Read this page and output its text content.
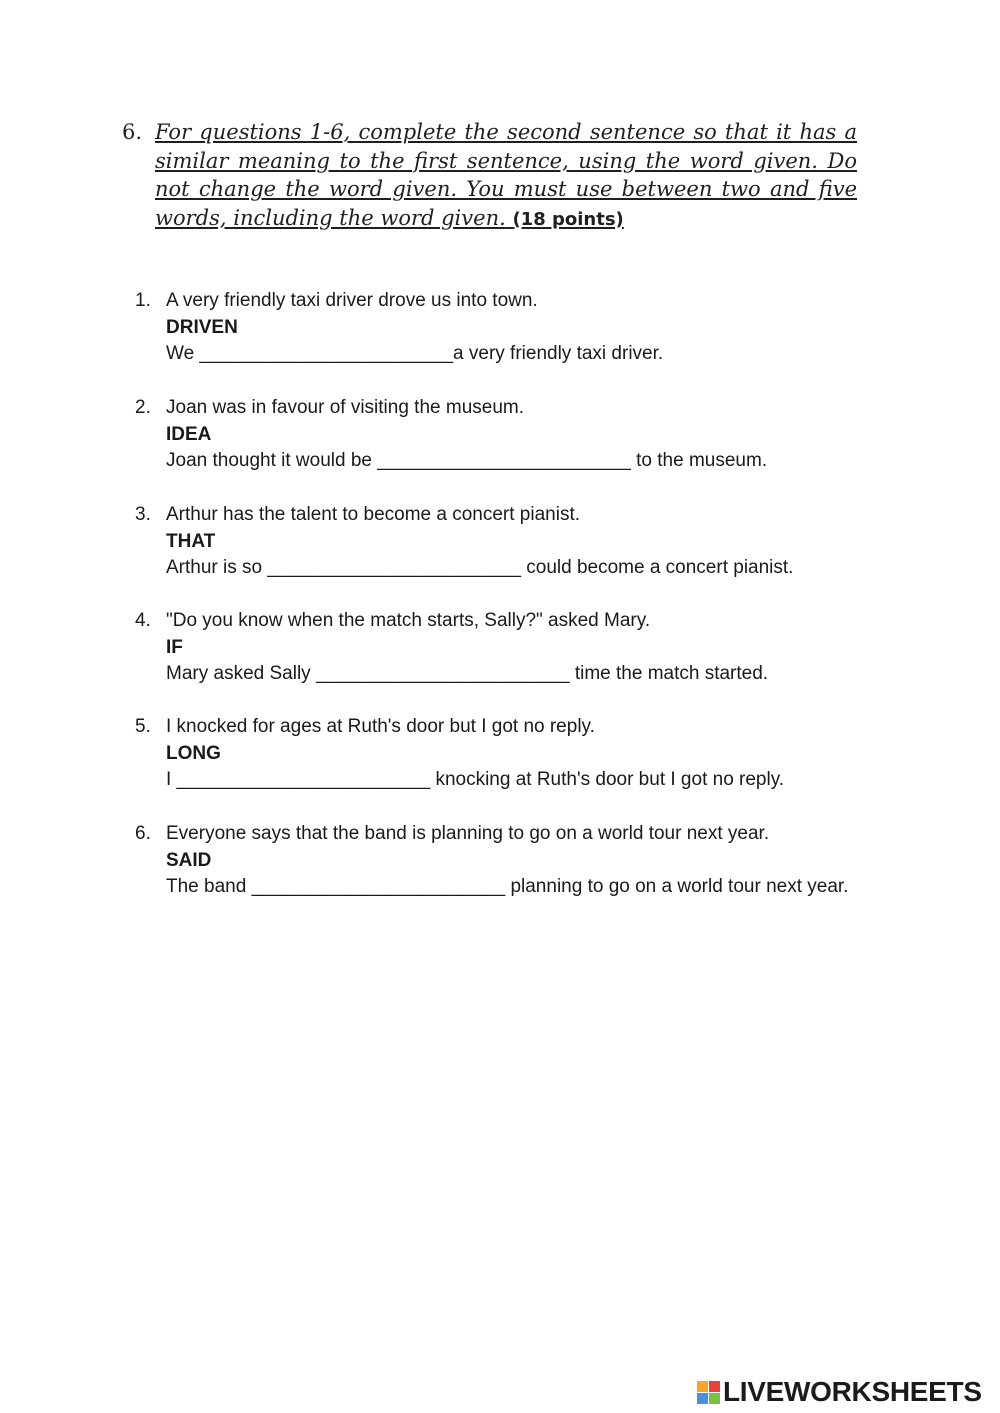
6. For questions 1-6, complete the second sentence so that it has a similar meaning to the first sentence, using the word given. Do not change the word given. You must use between two and five words, including the word given. (18 points)
1. A very friendly taxi driver drove us into town.
DRIVEN
We ________________________a very friendly taxi driver.
2. Joan was in favour of visiting the museum.
IDEA
Joan thought it would be ________________________ to the museum.
3. Arthur has the talent to become a concert pianist.
THAT
Arthur is so ________________________ could become a concert pianist.
4. "Do you know when the match starts, Sally?" asked Mary.
IF
Mary asked Sally ________________________ time the match started.
5. I knocked for ages at Ruth's door but I got no reply.
LONG
I ________________________ knocking at Ruth's door but I got no reply.
6. Everyone says that the band is planning to go on a world tour next year.
SAID
The band ________________________ planning to go on a world tour next year.
LIVEWORKSHEETS
